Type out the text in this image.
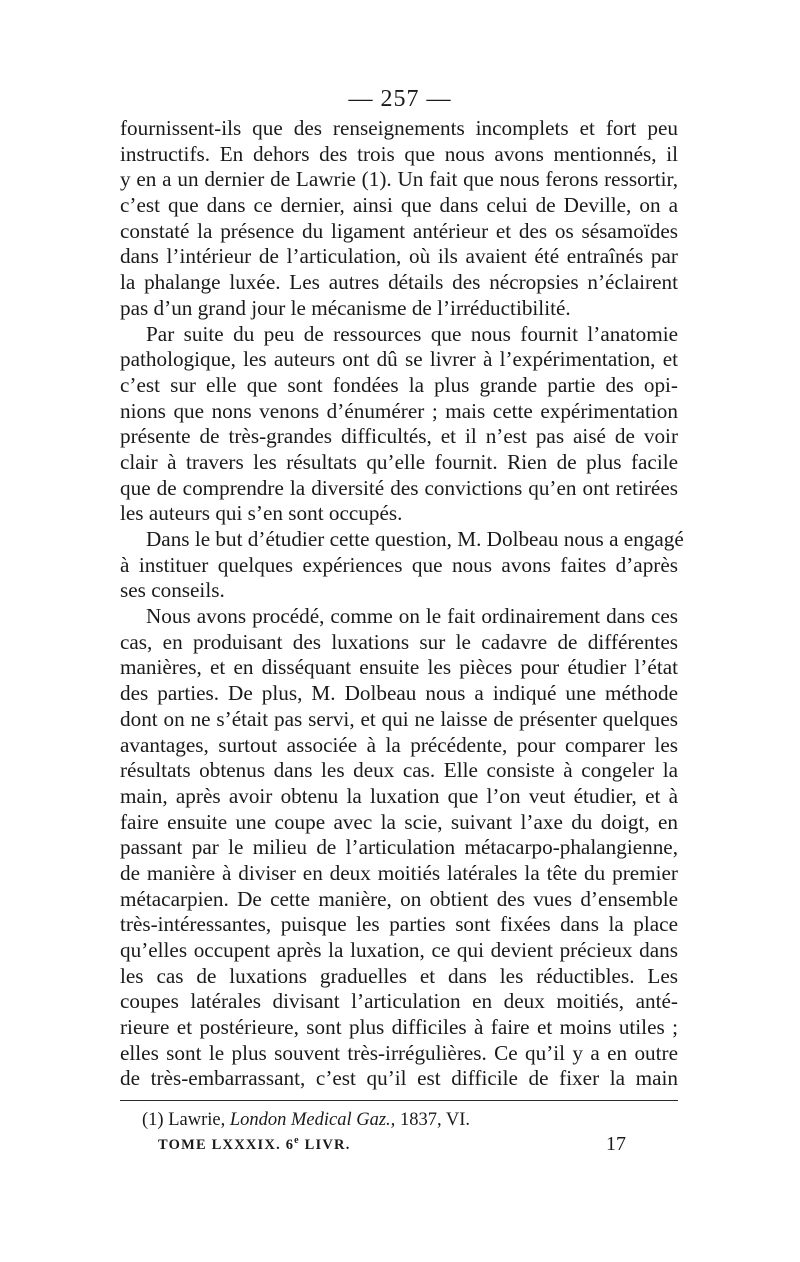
— 257 —
fournissent-ils que des renseignements incomplets et fort peu
instructifs. En dehors des trois que nous avons mentionnés, il
y en a un dernier de Lawrie (1). Un fait que nous ferons ressortir,
c’est que dans ce dernier, ainsi que dans celui de Deville, on a
constaté la présence du ligament antérieur et des os sésamoïdes
dans l’intérieur de l’articulation, où ils avaient été entraînés par
la phalange luxée. Les autres détails des nécropsies n’éclairent
pas d’un grand jour le mécanisme de l’irréductibilité.
Par suite du peu de ressources que nous fournit l’anatomie
pathologique, les auteurs ont dû se livrer à l’expérimentation, et
c’est sur elle que sont fondées la plus grande partie des opi-
nions que nons venons d’énumérer ; mais cette expérimentation
présente de très-grandes difficultés, et il n’est pas aisé de voir
clair à travers les résultats qu’elle fournit. Rien de plus facile
que de comprendre la diversité des convictions qu’en ont retirées
les auteurs qui s’en sont occupés.
Dans le but d’étudier cette question, M. Dolbeau nous a engagé
à instituer quelques expériences que nous avons faites d’après
ses conseils.
Nous avons procédé, comme on le fait ordinairement dans ces
cas, en produisant des luxations sur le cadavre de différentes
manières, et en disséquant ensuite les pièces pour étudier l’état
des parties. De plus, M. Dolbeau nous a indiqué une méthode
dont on ne s’était pas servi, et qui ne laisse de présenter quelques
avantages, surtout associée à la précédente, pour comparer les
résultats obtenus dans les deux cas. Elle consiste à congeler la
main, après avoir obtenu la luxation que l’on veut étudier, et à
faire ensuite une coupe avec la scie, suivant l’axe du doigt, en
passant par le milieu de l’articulation métacarpo-phalangienne,
de manière à diviser en deux moitiés latérales la tête du premier
métacarpien. De cette manière, on obtient des vues d’ensemble
très-intéressantes, puisque les parties sont fixées dans la place
qu’elles occupent après la luxation, ce qui devient précieux dans
les cas de luxations graduelles et dans les réductibles. Les
coupes latérales divisant l’articulation en deux moitiés, anté-
rieure et postérieure, sont plus difficiles à faire et moins utiles ;
elles sont le plus souvent très-irrégulières. Ce qu’il y a en outre
de très-embarrassant, c’est qu’il est difficile de fixer la main
(1) Lawrie, London Medical Gaz., 1837, VI.
TOME LXXXIX. 6e LIVR.	17
